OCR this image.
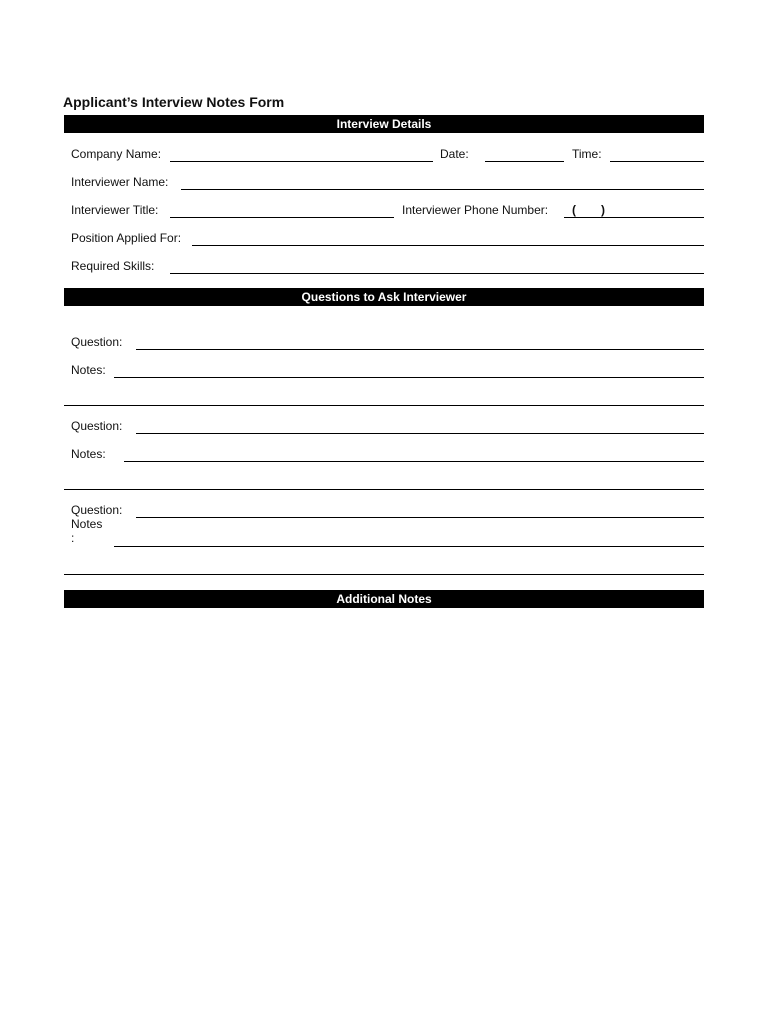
Applicant’s Interview Notes Form
Interview Details
Company Name:	Date:	Time:
Interviewer Name:
Interviewer Title:	Interviewer Phone Number: ( )
Position Applied For:
Required Skills:
Questions to Ask Interviewer
Question:
Notes:
Question:
Notes:
Question:
Notes
:
Additional Notes
